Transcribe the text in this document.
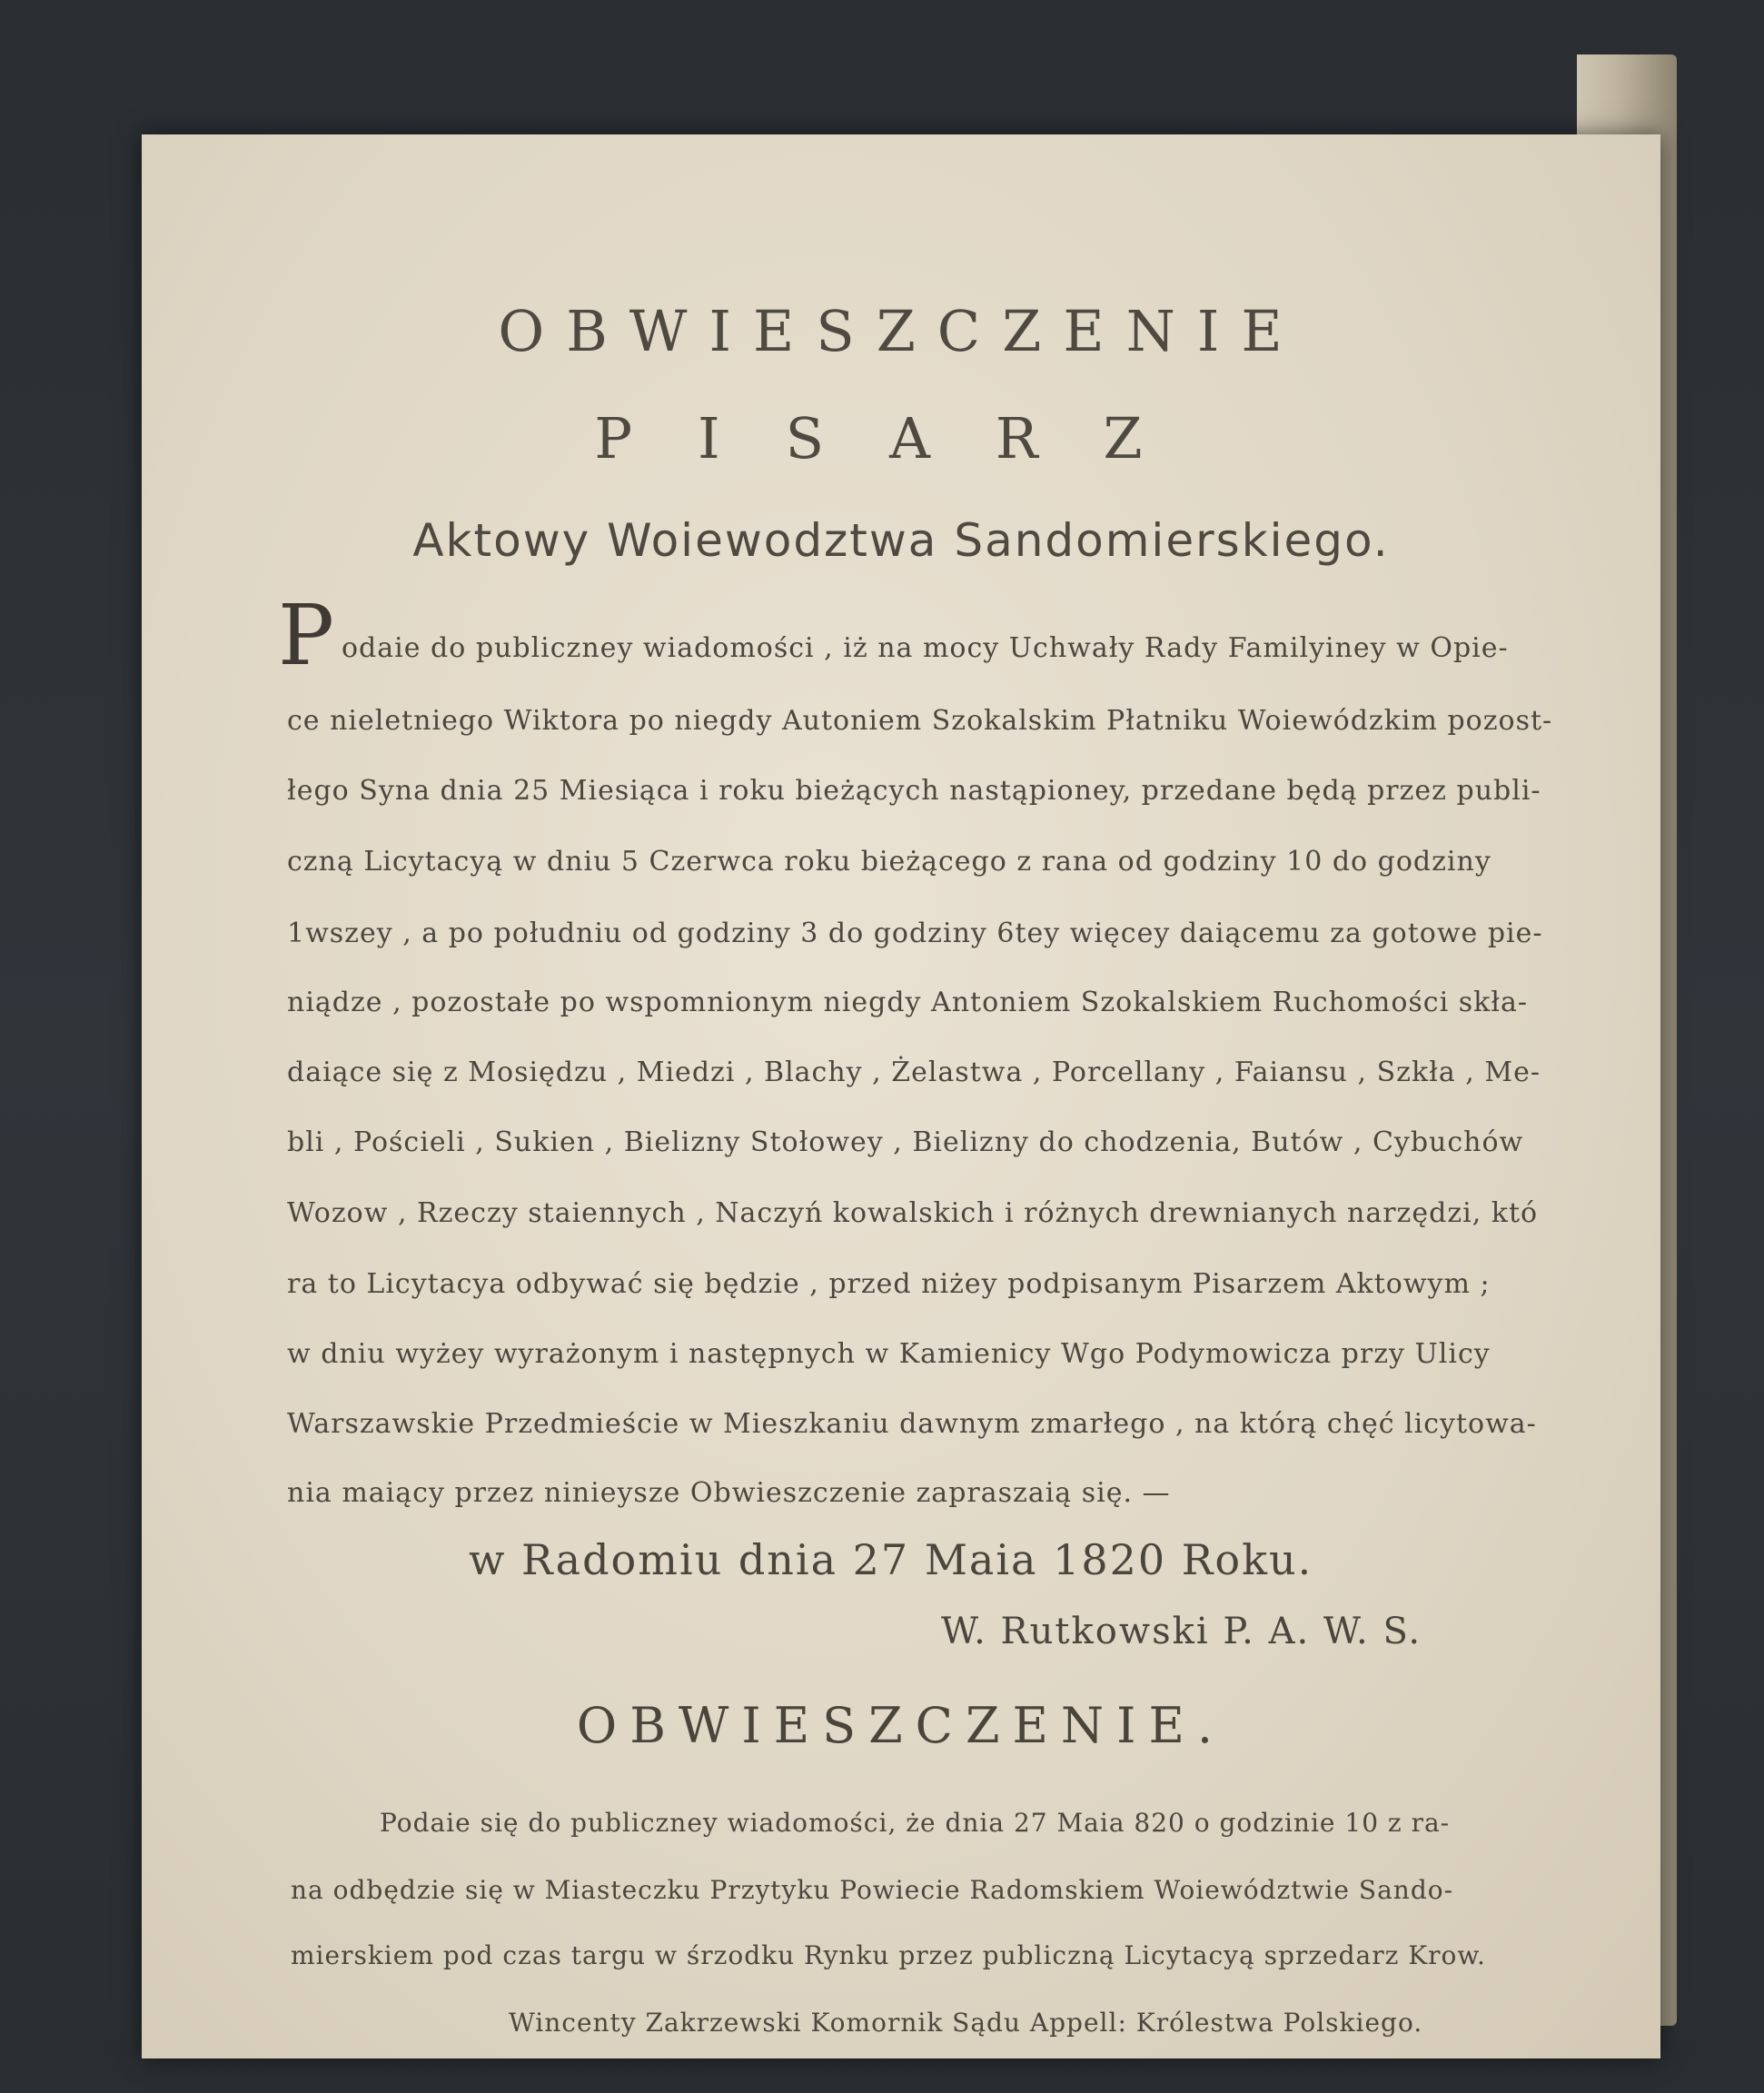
OBWIESZCZENIE
PISARZ
Aktowy Woiewodztwa Sandomierskiego.
P odaie do publiczney wiadomości , iż na mocy Uchwały Rady Familyiney w Opie-
ce nieletniego Wiktora po niegdy Autoniem Szokalskim Płatniku Woiewódzkim pozost-
łego Syna dnia 25 Miesiąca i roku bieżących nastąpioney, przedane będą przez publi-
czną Licytacyą w dniu 5 Czerwca roku bieżącego z rana od godziny 10 do godziny
1wszey , a po południu od godziny 3 do godziny 6tey więcey daiącemu za gotowe pie-
niądze , pozostałe po wspomnionym niegdy Antoniem Szokalskiem Ruchomości skła-
daiące się z Mosiędzu , Miedzi , Blachy , Żelastwa , Porcellany , Faiansu , Szkła , Me-
bli , Pościeli , Sukien , Bielizny Stołowey , Bielizny do chodzenia, Butów , Cybuchów
Wozow , Rzeczy staiennych , Naczyń kowalskich i różnych drewnianych narzędzi, któ
ra to Licytacya odbywać się będzie , przed niżey podpisanym Pisarzem Aktowym ;
w dniu wyżey wyrażonym i następnych w Kamienicy Wgo Podymowicza przy Ulicy
Warszawskie Przedmieście w Mieszkaniu dawnym zmarłego , na którą chęć licytowa-
nia maiący przez ninieysze Obwieszczenie zapraszaią się. —
w Radomiu dnia 27 Maia 1820 Roku.
W. Rutkowski P. A. W. S.
OBWIESZCZENIE.
Podaie się do publiczney wiadomości, że dnia 27 Maia 820 o godzinie 10 z ra-
na odbędzie się w Miasteczku Przytyku Powiecie Radomskiem Woiewództwie Sando-
mierskiem pod czas targu w śrzodku Rynku przez publiczną Licytacyą sprzedarz Krow.
Wincenty Zakrzewski Komornik Sądu Appell: Królestwa Polskiego.
